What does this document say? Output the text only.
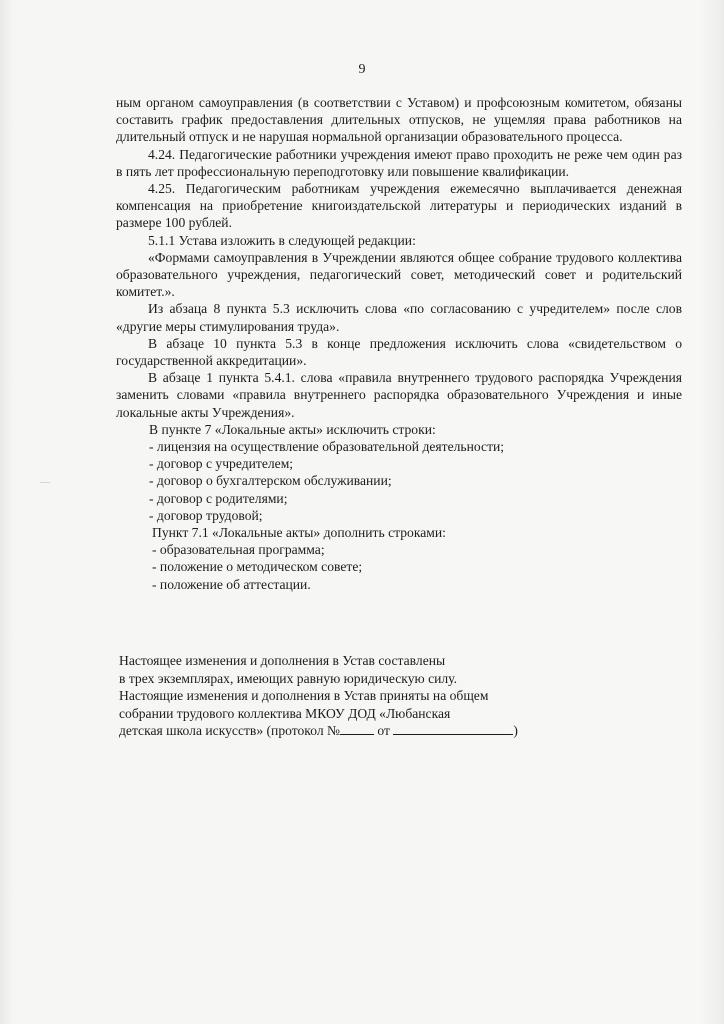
9

ным органом самоуправления (в соответствии с Уставом) и профсоюзным комитетом, обязаны составить график предоставления длительных отпусков, не ущемляя права работников на длительный отпуск и не нарушая нормальной организации образовательного процесса.

4.24. Педагогические работники учреждения имеют право проходить не реже чем один раз в пять лет профессиональную переподготовку или повышение квалификации.

4.25. Педагогическим работникам учреждения ежемесячно выплачивается денежная компенсация на приобретение книгоиздательской литературы и периодических изданий в размере 100 рублей.

5.1.1 Устава изложить в следующей редакции:

«Формами самоуправления в Учреждении являются общее собрание трудового коллектива образовательного учреждения, педагогический совет, методический совет и родительский комитет.».

Из абзаца 8 пункта 5.3 исключить слова «по согласованию с учредителем» после слов «другие меры стимулирования труда».

В абзаце 10 пункта 5.3 в конце предложения исключить слова «свидетельством о государственной аккредитации».

В абзаце 1 пункта 5.4.1. слова «правила внутреннего трудового распорядка Учреждения заменить словами «правила внутреннего распорядка образовательного Учреждения и иные локальные акты Учреждения».

В пункте 7 «Локальные акты» исключить строки:

- лицензия на осуществление образовательной деятельности;

- договор с учредителем;

- договор о бухгалтерском обслуживании;

- договор с родителями;

- договор трудовой;

Пункт 7.1 «Локальные акты» дополнить строками:

- образовательная программа;

- положение о методическом совете;

- положение об аттестации.

Настоящее изменения и дополнения в Устав составлены

в трех экземплярах, имеющих равную юридическую силу.

Настоящие изменения и дополнения в Устав приняты на общем

собрании трудового коллектива МКОУ ДОД «Любанская

детская школа искусств» (протокол №	от	)
